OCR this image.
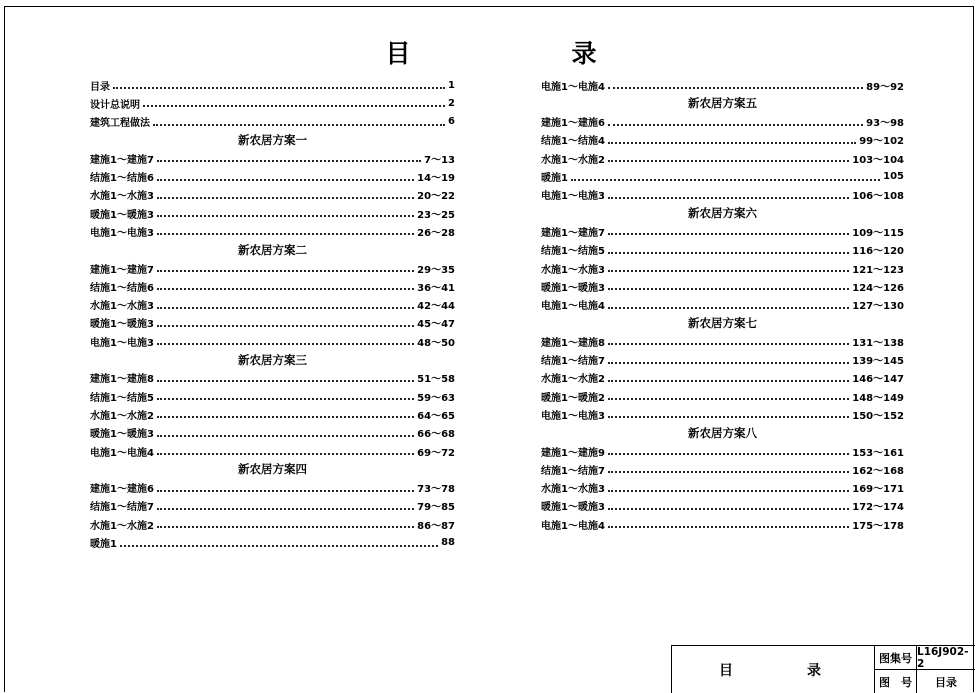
目　录
目录	1
设计总说明	2
建筑工程做法	6
新农居方案一
建施1～建施7	7～13
结施1～结施6	14～19
水施1～水施3	20～22
暖施1～暖施3	23～25
电施1～电施3	26～28
新农居方案二
建施1～建施7	29～35
结施1～结施6	36～41
水施1～水施3	42～44
暖施1～暖施3	45～47
电施1～电施3	48～50
新农居方案三
建施1～建施8	51～58
结施1～结施5	59～63
水施1～水施2	64～65
暖施1～暖施3	66～68
电施1～电施4	69～72
新农居方案四
建施1～建施6	73～78
结施1～结施7	79～85
水施1～水施2	86～87
暖施1	88
电施1～电施4	89～92
新农居方案五
建施1～建施6	93～98
结施1～结施4	99～102
水施1～水施2	103～104
暖施1	105
电施1～电施3	106～108
新农居方案六
建施1～建施7	109～115
结施1～结施5	116～120
水施1～水施3	121～123
暖施1～暖施3	124～126
电施1～电施4	127～130
新农居方案七
建施1～建施8	131～138
结施1～结施7	139～145
水施1～水施2	146～147
暖施1～暖施2	148～149
电施1～电施3	150～152
新农居方案八
建施1～建施9	153～161
结施1～结施7	162～168
水施1～水施3	169～171
暖施1～暖施3	172～174
电施1～电施4	175～178
目　录
图集号 L16J902-2
图　号	目录
